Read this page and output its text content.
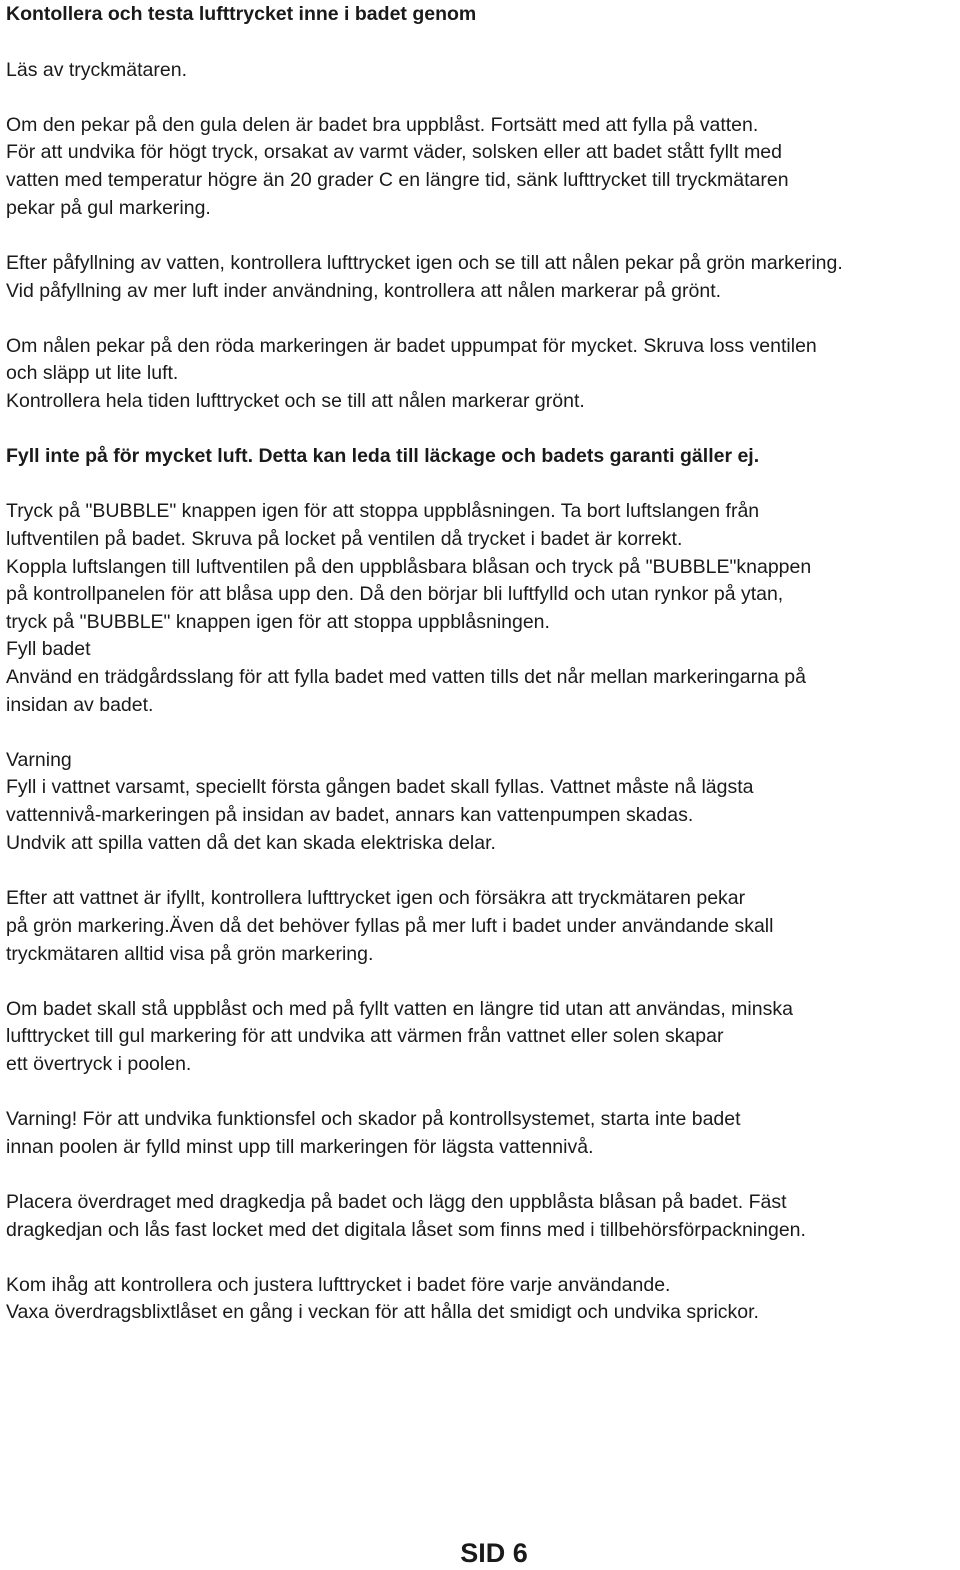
Kontollera och testa lufttrycket inne i badet genom
Läs av tryckmätaren.
Om den pekar på den gula delen är badet bra uppblåst. Fortsätt med att fylla på vatten.
För att undvika för högt tryck, orsakat av varmt väder, solsken eller att badet stått fyllt med
vatten med temperatur högre än 20 grader C en längre tid, sänk lufttrycket till tryckmätaren
pekar på gul markering.
Efter påfyllning av vatten, kontrollera lufttrycket igen och se till att nålen pekar på grön markering.
Vid påfyllning av mer luft inder användning, kontrollera att nålen markerar på grönt.
Om nålen pekar på den röda markeringen är badet uppumpat för mycket. Skruva loss ventilen
och släpp ut lite luft.
Kontrollera hela tiden lufttrycket och se till att nålen markerar grönt.
Fyll inte på för mycket luft. Detta kan leda till läckage och badets garanti gäller ej.
Tryck på "BUBBLE" knappen igen för att stoppa uppblåsningen. Ta bort luftslangen från
luftventilen på badet. Skruva på locket på ventilen då trycket i badet är korrekt.
Koppla luftslangen till luftventilen på den uppblåsbara blåsan och tryck på "BUBBLE"knappen
på kontrollpanelen för att blåsa upp den. Då den börjar bli luftfylld och utan rynkor på ytan,
tryck på "BUBBLE" knappen igen för att stoppa uppblåsningen.
Fyll badet
Använd en trädgårdsslang för att fylla badet med vatten tills det når mellan markeringarna på
insidan av badet.
Varning
Fyll i vattnet varsamt, speciellt första gången badet skall fyllas. Vattnet måste nå lägsta
vattennivå-markeringen på insidan av badet, annars kan vattenpumpen skadas.
Undvik att spilla vatten då det kan skada elektriska delar.
Efter att vattnet är ifyllt, kontrollera lufttrycket igen och försäkra att tryckmätaren pekar
på grön markering.Även då det behöver fyllas på mer luft i badet under användande skall
tryckmätaren alltid visa på grön markering.
Om badet skall stå uppblåst och med på fyllt vatten en längre tid utan att användas, minska
lufttrycket till gul markering för att undvika att värmen från vattnet eller solen skapar
ett övertryck i poolen.
Varning! För att undvika funktionsfel och skador på kontrollsystemet, starta inte badet
innan poolen är fylld minst upp till markeringen för lägsta vattennivå.
Placera överdraget med dragkedja på badet och lägg den uppblåsta blåsan på badet. Fäst
dragkedjan och lås fast locket med det digitala låset som finns med i tillbehörsförpackningen.
Kom ihåg att kontrollera och justera lufttrycket i badet före varje användande.
Vaxa överdragsblixtlåset en gång i veckan för att hålla det smidigt och undvika sprickor.
SID 6
